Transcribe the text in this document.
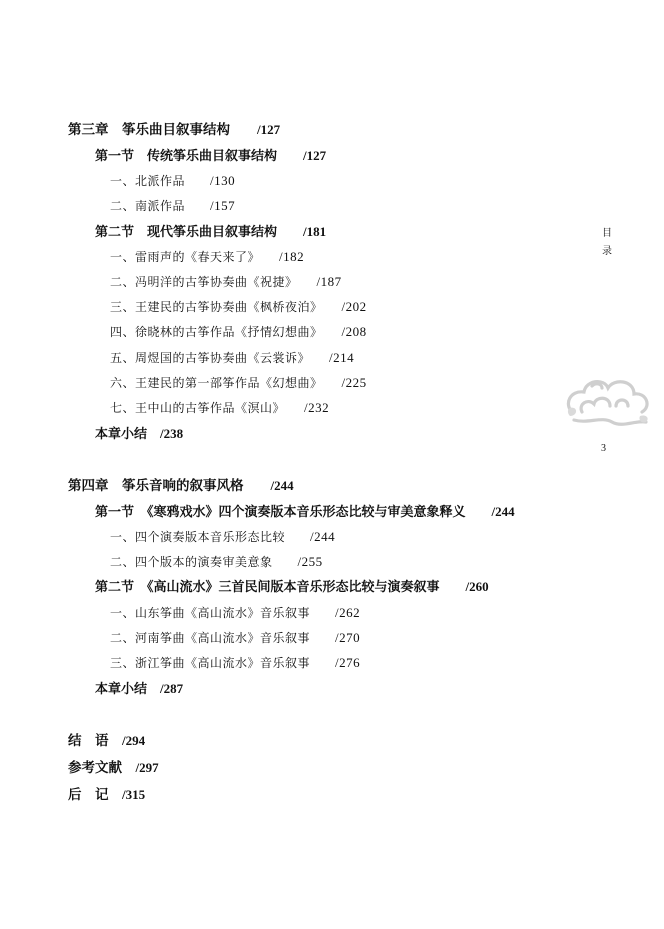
第三章　筝乐曲目叙事结构　　 /127
第一节　传统筝乐曲目叙事结构　　 /127
一、北派作品　　 /130
二、南派作品　　 /157
第二节　现代筝乐曲目叙事结构　　 /181
一、雷雨声的《春天来了》　　 /182
二、冯明洋的古筝协奏曲《祝捷》　　 /187
三、王建民的古筝协奏曲《枫桥夜泊》　　 /202
四、徐晓林的古筝作品《抒情幻想曲》　　 /208
五、周煜国的古筝协奏曲《云裳诉》　　 /214
六、王建民的第一部筝作品《幻想曲》　　 /225
七、王中山的古筝作品《溟山》　　 /232
本章小结　 /238
第四章　筝乐音响的叙事风格　　 /244
第一节　《寒鸦戏水》四个演奏版本音乐形态比较与审美意象释义　　 /244
一、四个演奏版本音乐形态比较　　 /244
二、四个版本的演奏审美意象　　 /255
第二节　《高山流水》三首民间版本音乐形态比较与演奏叙事　　 /260
一、山东筝曲《高山流水》音乐叙事　　 /262
二、河南筝曲《高山流水》音乐叙事　　 /270
三、浙江筝曲《高山流水》音乐叙事　　 /276
本章小结　 /287
结　语　 /294
参考文献　 /297
后　记　 /315
目
录
3
